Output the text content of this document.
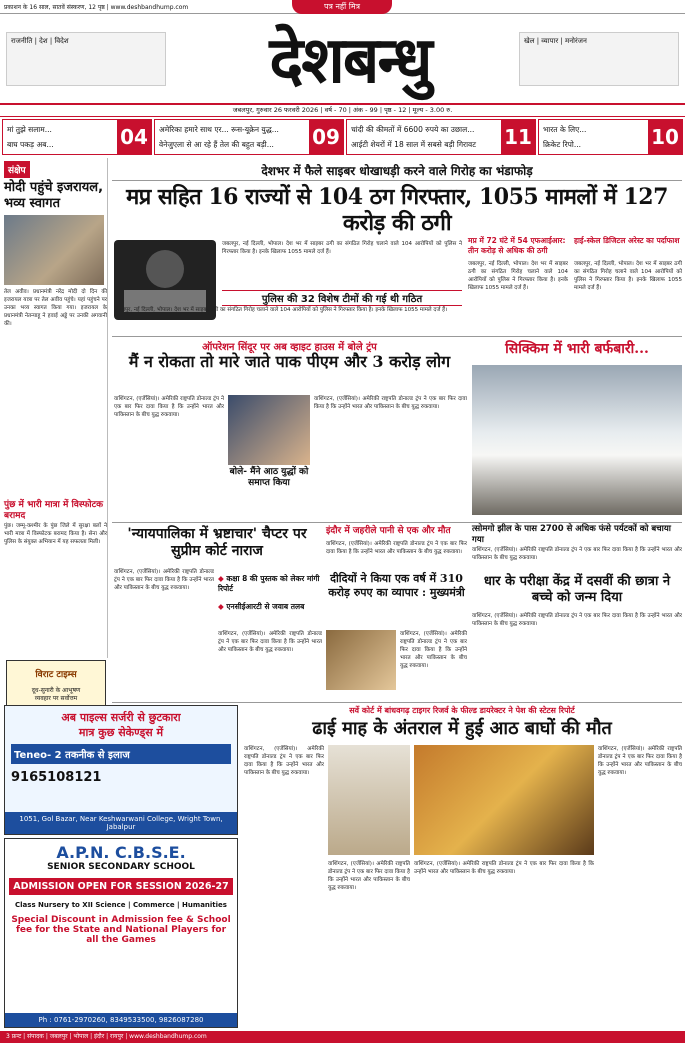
प्रकाशन के 16 साल, सातवें संस्करण, 12 पृष्ठ | www.deshbandhump.com	पत्र नहीं मित्र
राजनीति | देश | विदेश	देशबन्धु	खेल | व्यापार | मनोरंजन
जबलपुर, गुरुवार 26 फरवरी 2026 | वर्ष - 70 | अंक - 99 | पृष्ठ - 12 | मूल्य - 3.00 रु.
मां तुझे सलाम...
बाघ पकड़ अब...	04	अमेरिका हमारे साथ एर... रूस-यूक्रेन युद्ध...
वेनेजुएला से आ रहे हैं तेल की बहुत बड़ी... 09	चांदी की कीमतों में 6600 रुपये का उछाल...
आईटी शेयरों में 18 साल में सबसे बड़ी गिरावट 11	भारत के लिए...
क्रिकेट रिपो...	10
संक्षेप
मोदी पहुंचे इजरायल, भव्य स्वागत
तेल अवीव। प्रधानमंत्री नरेंद्र मोदी दो दिन की इजरायल यात्रा पर तेल अवीव पहुंचे। यहां पहुंचने पर उनका भव्य स्वागत किया गया। इजरायल के प्रधानमंत्री नेतन्याहू ने हवाई अड्डे पर उनकी अगवानी की।
पुंछ में भारी मात्रा में विस्फोटक बरामद
पुंछ। जम्मू-कश्मीर के पुंछ जिले में सुरक्षा बलों ने भारी मात्रा में विस्फोटक बरामद किया है। सेना और पुलिस के संयुक्त अभियान में यह सफलता मिली।
विराट टाइम्स
दूध-सुनारी के आभूषण
व्यवहार पर सर्वोत्तम
देशभर में फैले साइबर धोखाधड़ी करने वाले गिरोह का भंडाफोड़
मप्र सहित 16 राज्यों से 104 ठग गिरफ्तार, 1055 मामलों में 127 करोड़ की ठगी
जबलपुर, नई दिल्ली, भोपाल। देश भर में साइबर ठगी का संगठित गिरोह चलाने वाले 104 आरोपियों को पुलिस ने गिरफ्तार किया है। इनके खिलाफ 1055 मामले दर्ज हैं।
पुलिस की 32 विशेष टीमों की गई थी गठित
जबलपुर, नई दिल्ली, भोपाल। देश भर में साइबर ठगी का संगठित गिरोह चलाने वाले 104 आरोपियों को पुलिस ने गिरफ्तार किया है। इनके खिलाफ 1055 मामले दर्ज हैं।
मप्र में 72 घंटे में 54 एफआईआर: तीन करोड़ से अधिक की ठगी
जबलपुर, नई दिल्ली, भोपाल। देश भर में साइबर ठगी का संगठित गिरोह चलाने वाले 104 आरोपियों को पुलिस ने गिरफ्तार किया है। इनके खिलाफ 1055 मामले दर्ज हैं।
हाई-स्केल डिजिटल अरेस्ट का पर्दाफाश
जबलपुर, नई दिल्ली, भोपाल। देश भर में साइबर ठगी का संगठित गिरोह चलाने वाले 104 आरोपियों को पुलिस ने गिरफ्तार किया है। इनके खिलाफ 1055 मामले दर्ज हैं।
ऑपरेशन सिंदूर पर अब व्हाइट हाउस में बोले ट्रंप
मैं न रोकता तो मारे जाते पाक पीएम और 3 करोड़ लोग
वाशिंगटन, (एजेंसियां)। अमेरिकी राष्ट्रपति डोनाल्ड ट्रंप ने एक बार फिर दावा किया है कि उन्होंने भारत और पाकिस्तान के बीच युद्ध रुकवाया।
बोले- मैंने आठ युद्धों को समाप्त किया
वाशिंगटन, (एजेंसियां)। अमेरिकी राष्ट्रपति डोनाल्ड ट्रंप ने एक बार फिर दावा किया है कि उन्होंने भारत और पाकिस्तान के बीच युद्ध रुकवाया।
सिक्किम में भारी बर्फबारी...
'न्यायपालिका में भ्रष्टाचार' चैप्टर पर सुप्रीम कोर्ट नाराज
वाशिंगटन, (एजेंसियां)। अमेरिकी राष्ट्रपति डोनाल्ड ट्रंप ने एक बार फिर दावा किया है कि उन्होंने भारत और पाकिस्तान के बीच युद्ध रुकवाया।
◆ कक्षा 8 की पुस्तक को लेकर मांगी रिपोर्ट
◆ एनसीईआरटी से जवाब तलब
वाशिंगटन, (एजेंसियां)। अमेरिकी राष्ट्रपति डोनाल्ड ट्रंप ने एक बार फिर दावा किया है कि उन्होंने भारत और पाकिस्तान के बीच युद्ध रुकवाया।
इंदौर में जहरीले पानी से एक और मौत
वाशिंगटन, (एजेंसियां)। अमेरिकी राष्ट्रपति डोनाल्ड ट्रंप ने एक बार फिर दावा किया है कि उन्होंने भारत और पाकिस्तान के बीच युद्ध रुकवाया।
त्सोमगो झील के पास 2700 से अधिक फंसे पर्यटकों को बचाया गया
वाशिंगटन, (एजेंसियां)। अमेरिकी राष्ट्रपति डोनाल्ड ट्रंप ने एक बार फिर दावा किया है कि उन्होंने भारत और पाकिस्तान के बीच युद्ध रुकवाया।
दीदियों ने किया एक वर्ष में 310 करोड़ रुपए का व्यापार : मुख्यमंत्री
वाशिंगटन, (एजेंसियां)। अमेरिकी राष्ट्रपति डोनाल्ड ट्रंप ने एक बार फिर दावा किया है कि उन्होंने भारत और पाकिस्तान के बीच युद्ध रुकवाया।
धार के परीक्षा केंद्र में दसवीं की छात्रा ने बच्चे को जन्म दिया
वाशिंगटन, (एजेंसियां)। अमेरिकी राष्ट्रपति डोनाल्ड ट्रंप ने एक बार फिर दावा किया है कि उन्होंने भारत और पाकिस्तान के बीच युद्ध रुकवाया।
सर्वे कोर्ट में बांधवगढ़ टाइगर रिजर्व के फील्ड डायरेक्टर ने पेश की स्टेटस रिपोर्ट
ढाई माह के अंतराल में हुई आठ बाघों की मौत
वाशिंगटन, (एजेंसियां)। अमेरिकी राष्ट्रपति डोनाल्ड ट्रंप ने एक बार फिर दावा किया है कि उन्होंने भारत और पाकिस्तान के बीच युद्ध रुकवाया।
वाशिंगटन, (एजेंसियां)। अमेरिकी राष्ट्रपति डोनाल्ड ट्रंप ने एक बार फिर दावा किया है कि उन्होंने भारत और पाकिस्तान के बीच युद्ध रुकवाया।
वाशिंगटन, (एजेंसियां)। अमेरिकी राष्ट्रपति डोनाल्ड ट्रंप ने एक बार फिर दावा किया है कि उन्होंने भारत और पाकिस्तान के बीच युद्ध रुकवाया।
वाशिंगटन, (एजेंसियां)। अमेरिकी राष्ट्रपति डोनाल्ड ट्रंप ने एक बार फिर दावा किया है कि उन्होंने भारत और पाकिस्तान के बीच युद्ध रुकवाया।
अब पाइल्स सर्जरी से छुटकारा
मात्र कुछ सेकेण्ड्स में
Teneo- 2 तकनीक से इलाज
9165108121
1051, Gol Bazar, Near Keshwarwani College, Wright Town, Jabalpur
A.P.N. C.B.S.E.
SENIOR SECONDARY SCHOOL
ADMISSION OPEN FOR SESSION 2026-27
Class Nursery to XII Science | Commerce | Humanities
Special Discount in Admission fee & School fee for the State and National Players for all the Games
Ph : 0761-2970260, 8349533500, 9826087280
3 फ्रन्ट | संपादक | जबलपुर | भोपाल | इंदौर | रायपुर | www.deshbandhump.com
